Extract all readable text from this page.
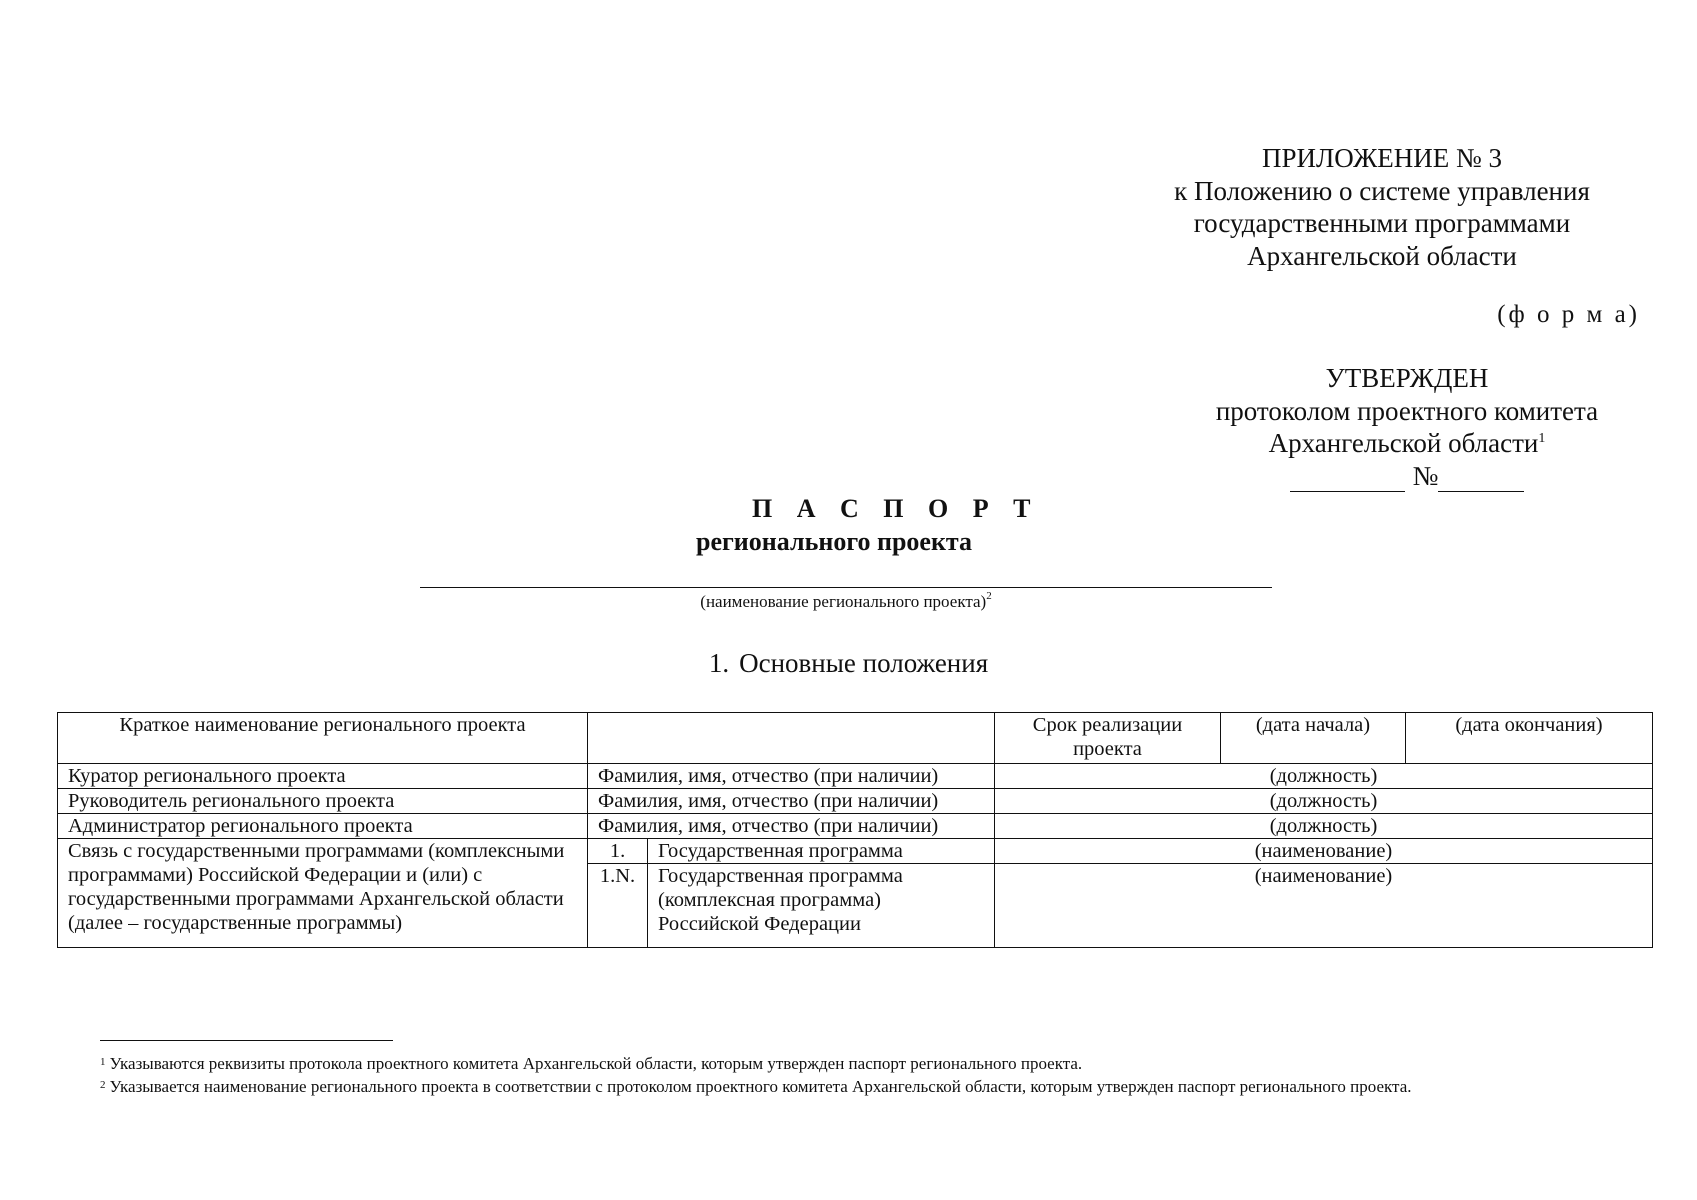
ПРИЛОЖЕНИЕ № 3
к Положению о системе управления
государственными программами
Архангельской области
(ф о р м а)
УТВЕРЖДЕН
протоколом проектного комитета
Архангельской области$^1$
№
П А С П О Р Т
регионального проекта
(наименование регионального проекта)$^2$
1. Основные положения
Краткое наименование регионального проекта			Срок реализации проекта	(дата начала)	(дата окончания)
Куратор регионального проекта	Фамилия, имя, отчество (при наличии)		(должность)		
Руководитель регионального проекта	Фамилия, имя, отчество (при наличии)		(должность)		
Администратор регионального проекта	Фамилия, имя, отчество (при наличии)		(должность)		
Связь с государственными программами (комплексными программами) Российской Федерации и (или) с государственными программами Архангельской области (далее – государственные программы)	1.	Государственная программа	(наименование)		
	1.N.	Государственная программа (комплексная программа) Российской Федерации	(наименование)		

$^1$ Указываются реквизиты протокола проектного комитета Архангельской области, которым утвержден паспорт регионального проекта.

$^2$ Указывается наименование регионального проекта в соответствии с протоколом проектного комитета Архангельской области, которым утвержден паспорт регионального проекта.
